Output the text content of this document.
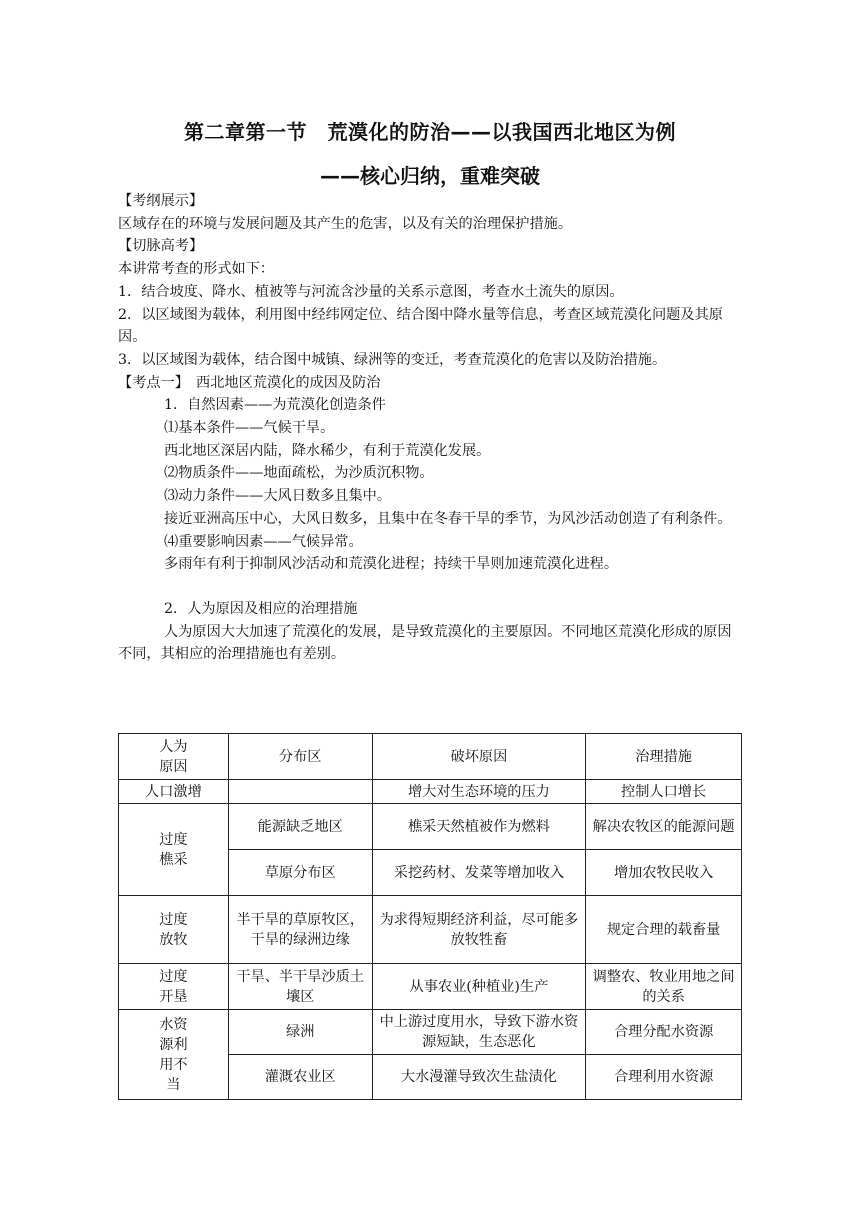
第二章第一节　荒漠化的防治——以我国西北地区为例
——核心归纳，重难突破

【考纲展示】

区域存在的环境与发展问题及其产生的危害，以及有关的治理保护措施。

【切脉高考】

本讲常考查的形式如下：

1．结合坡度、降水、植被等与河流含沙量的关系示意图，考查水土流失的原因。

2．以区域图为载体，利用图中经纬网定位、结合图中降水量等信息，考查区域荒漠化问题及其原因。

3．以区域图为载体，结合图中城镇、绿洲等的变迁，考查荒漠化的危害以及防治措施。

【考点一】　西北地区荒漠化的成因及防治

1．自然因素——为荒漠化创造条件

⑴基本条件——气候干旱。

西北地区深居内陆，降水稀少，有利于荒漠化发展。

⑵物质条件——地面疏松，为沙质沉积物。

⑶动力条件——大风日数多且集中。

接近亚洲高压中心，大风日数多，且集中在冬春干旱的季节，为风沙活动创造了有利条件。

⑷重要影响因素——气候异常。

多雨年有利于抑制风沙活动和荒漠化进程；持续干旱则加速荒漠化进程。

2．人为原因及相应的治理措施

人为原因大大加速了荒漠化的发展，是导致荒漠化的主要原因。不同地区荒漠化形成的原因不同，其相应的治理措施也有差别。

人为
原因	分布区	破坏原因	治理措施
人口激增		增大对生态环境的压力	控制人口增长
过度
樵采	能源缺乏地区	樵采天然植被作为燃料	解决农牧区的能源问题
	草原分布区	采挖药材、发菜等增加收入	增加农牧民收入
过度
放牧	半干旱的草原牧区，干旱的绿洲边缘	为求得短期经济利益，尽可能多放牧牲畜	规定合理的载畜量
过度
开垦	干旱、半干旱沙质土壤区	从事农业(种植业)生产	调整农、牧业用地之间的关系
水资
源利
用不
当	绿洲	中上游过度用水，导致下游水资源短缺，生态恶化	合理分配水资源
	灌溉农业区	大水漫灌导致次生盐渍化	合理利用水资源
